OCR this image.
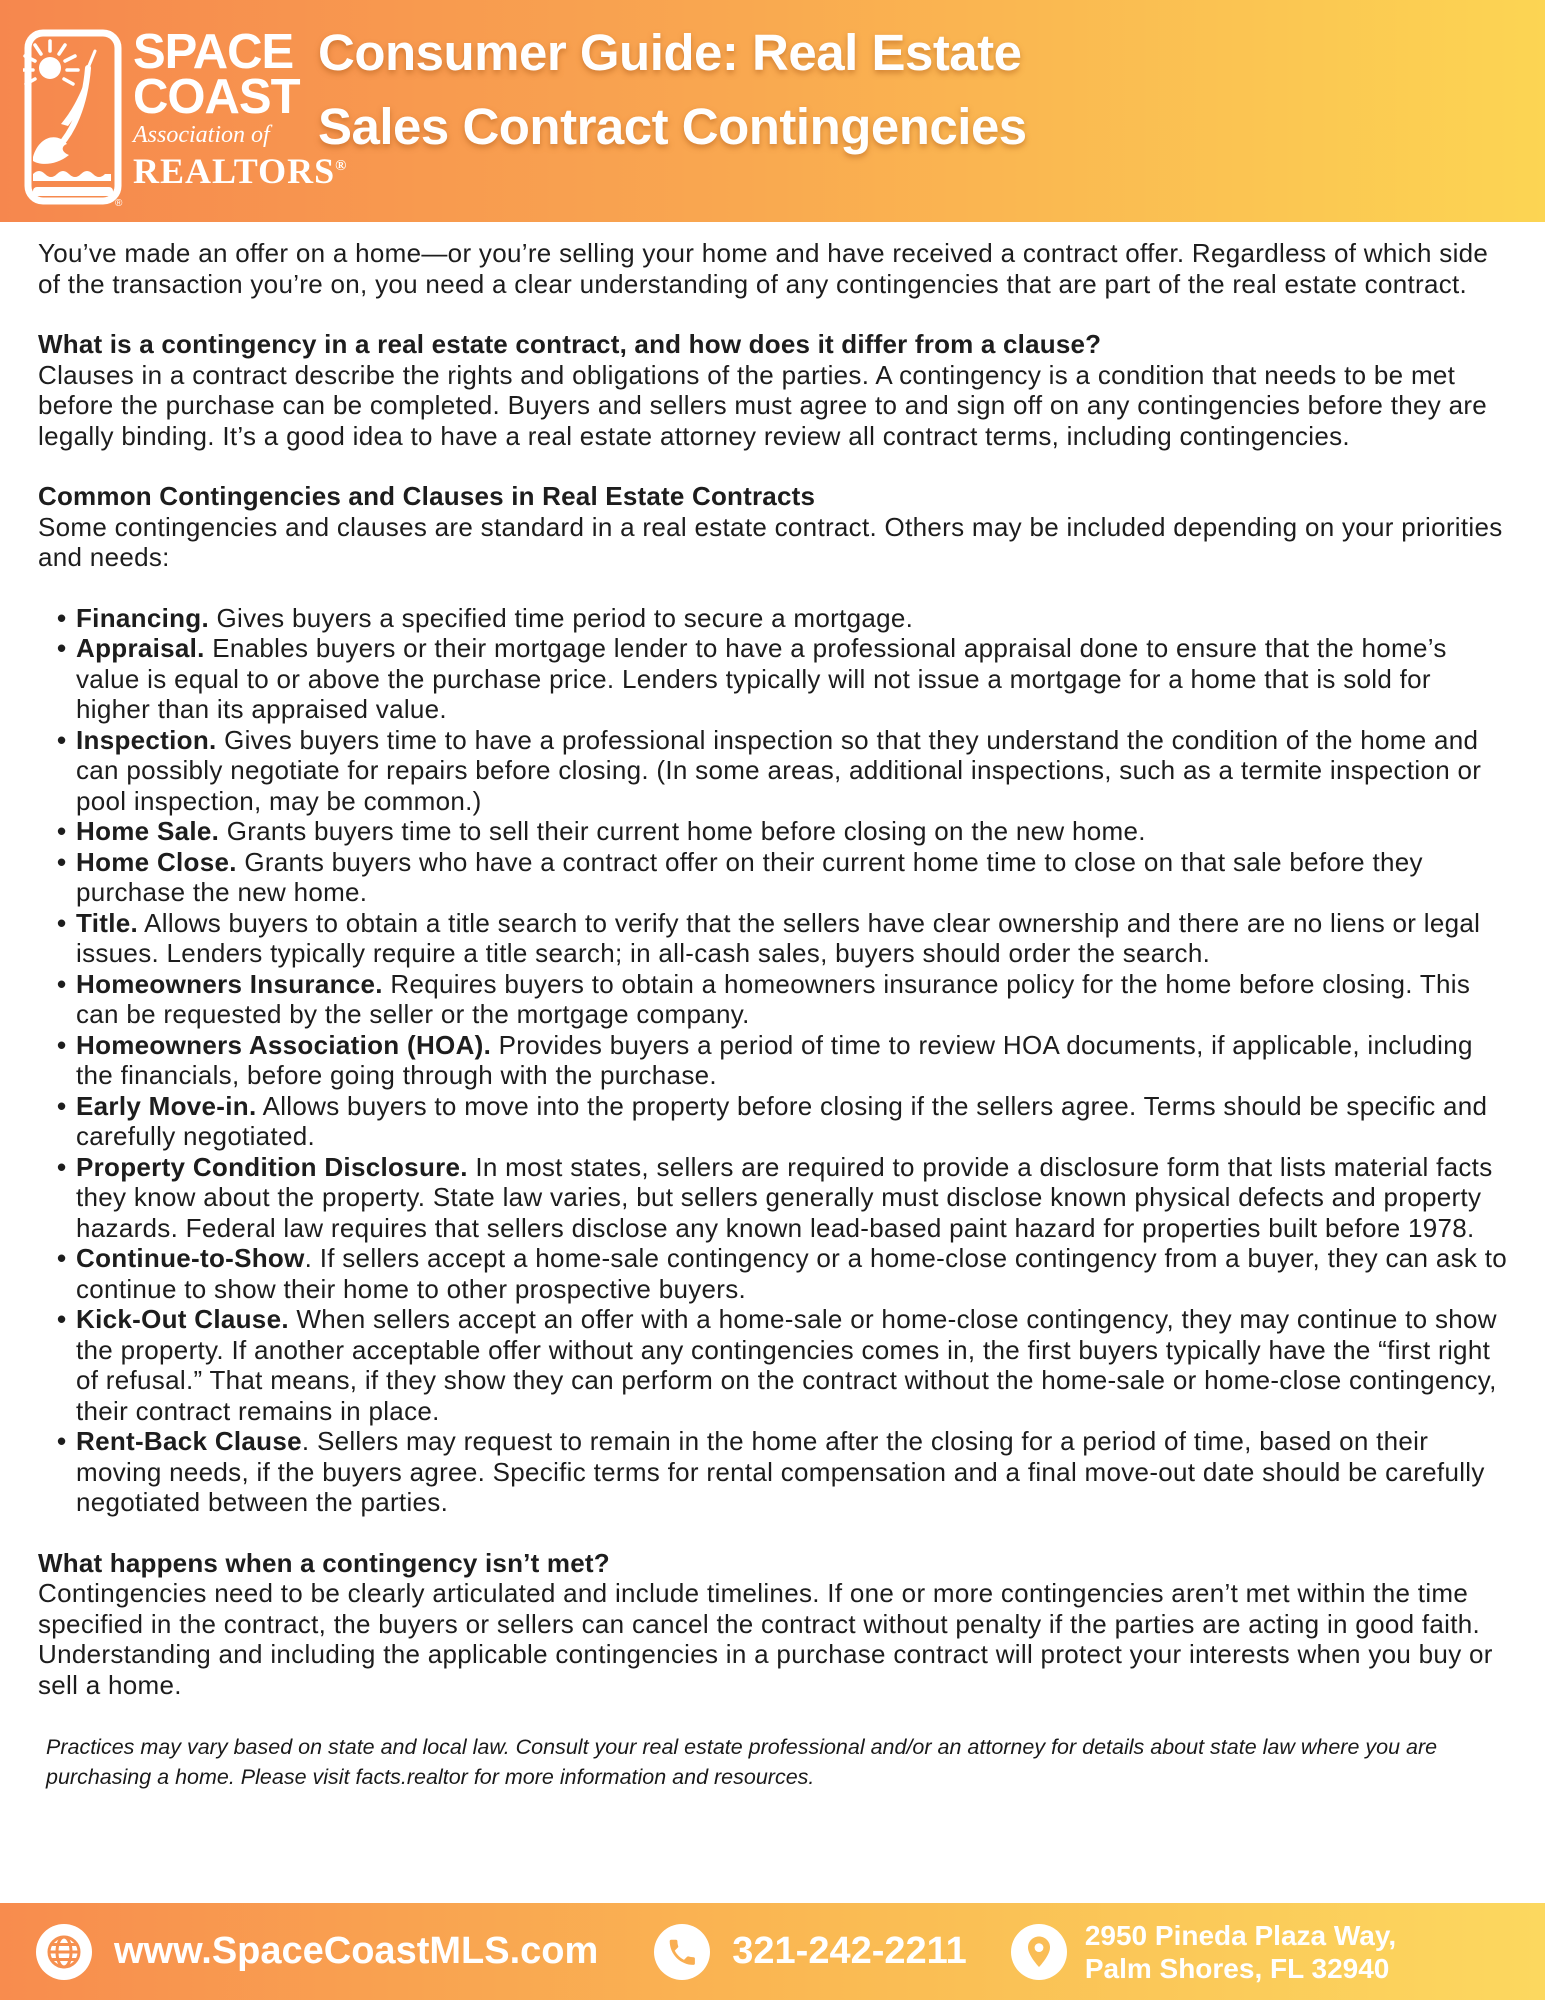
®
SPACE
COAST
Association of
REALTORS®
Consumer Guide: Real Estate
Sales Contract Contingencies

You’ve made an offer on a home—or you’re selling your home and have received a contract offer. Regardless of which side of the transaction you’re on, you need a clear understanding of any contingencies that are part of the real estate contract.

What is a contingency in a real estate contract, and how does it differ from a clause?

Clauses in a contract describe the rights and obligations of the parties. A contingency is a condition that needs to be met before the purchase can be completed. Buyers and sellers must agree to and sign off on any contingencies before they are legally binding. It’s a good idea to have a real estate attorney review all contract terms, including contingencies.

Common Contingencies and Clauses in Real Estate Contracts

Some contingencies and clauses are standard in a real estate contract. Others may be included depending on your priorities and needs:

• Financing. Gives buyers a specified time period to secure a mortgage.
• Appraisal. Enables buyers or their mortgage lender to have a professional appraisal done to ensure that the home’s value is equal to or above the purchase price. Lenders typically will not issue a mortgage for a home that is sold for higher than its appraised value.
• Inspection. Gives buyers time to have a professional inspection so that they understand the condition of the home and can possibly negotiate for repairs before closing. (In some areas, additional inspections, such as a termite inspection or pool inspection, may be common.)
• Home Sale. Grants buyers time to sell their current home before closing on the new home.
• Home Close. Grants buyers who have a contract offer on their current home time to close on that sale before they purchase the new home.
• Title. Allows buyers to obtain a title search to verify that the sellers have clear ownership and there are no liens or legal issues. Lenders typically require a title search; in all-cash sales, buyers should order the search.
• Homeowners Insurance. Requires buyers to obtain a homeowners insurance policy for the home before closing. This can be requested by the seller or the mortgage company.
• Homeowners Association (HOA). Provides buyers a period of time to review HOA documents, if applicable, including the financials, before going through with the purchase.
• Early Move-in. Allows buyers to move into the property before closing if the sellers agree. Terms should be specific and carefully negotiated.
• Property Condition Disclosure. In most states, sellers are required to provide a disclosure form that lists material facts they know about the property. State law varies, but sellers generally must disclose known physical defects and property hazards. Federal law requires that sellers disclose any known lead-based paint hazard for properties built before 1978.
• Continue-to-Show. If sellers accept a home-sale contingency or a home-close contingency from a buyer, they can ask to continue to show their home to other prospective buyers.
• Kick-Out Clause. When sellers accept an offer with a home-sale or home-close contingency, they may continue to show the property. If another acceptable offer without any contingencies comes in, the first buyers typically have the “first right of refusal.” That means, if they show they can perform on the contract without the home-sale or home-close contingency, their contract remains in place.
• Rent-Back Clause. Sellers may request to remain in the home after the closing for a period of time, based on their moving needs, if the buyers agree. Specific terms for rental compensation and a final move-out date should be carefully negotiated between the parties.
What happens when a contingency isn’t met?

Contingencies need to be clearly articulated and include timelines. If one or more contingencies aren’t met within the time specified in the contract, the buyers or sellers can cancel the contract without penalty if the parties are acting in good faith. Understanding and including the applicable contingencies in a purchase contract will protect your interests when you buy or sell a home.

Practices may vary based on state and local law. Consult your real estate professional and/or an attorney for details about state law where you are purchasing a home. Please visit facts.realtor for more information and resources.
www.SpaceCoastMLS.com	321-242-2211	2950 Pineda Plaza Way,
Palm Shores, FL 32940
